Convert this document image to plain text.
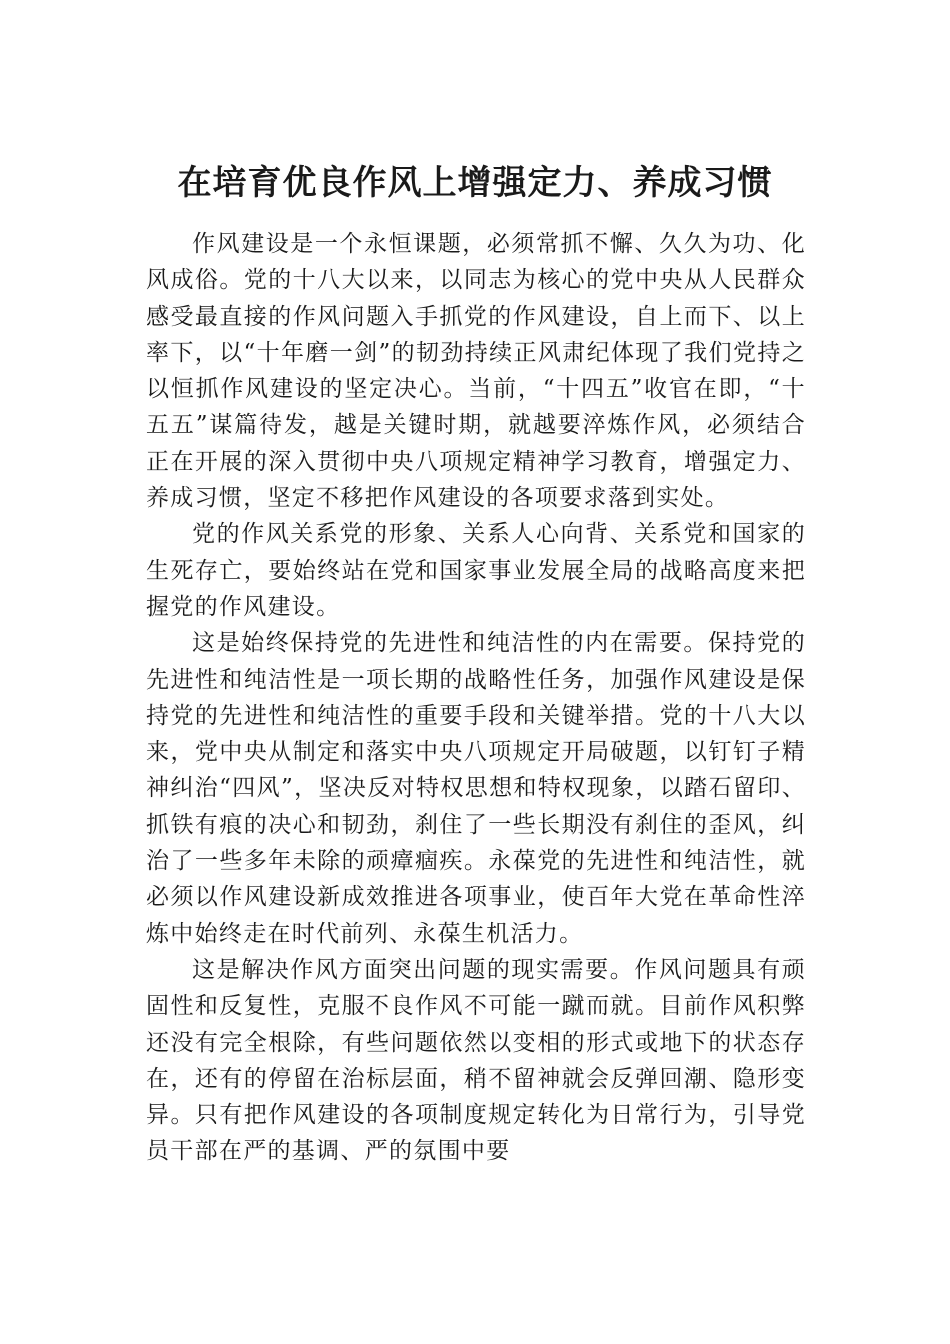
在培育优良作风上增强定力、养成习惯

作风建设是一个永恒课题，必须常抓不懈、久久为功、化风成俗。党的十八大以来，以同志为核心的党中央从人民群众感受最直接的作风问题入手抓党的作风建设，自上而下、以上率下，以“十年磨一剑”的韧劲持续正风肃纪体现了我们党持之以恒抓作风建设的坚定决心。当前，“十四五”收官在即，“十五五”谋篇待发，越是关键时期，就越要淬炼作风，必须结合正在开展的深入贯彻中央八项规定精神学习教育，增强定力、养成习惯，坚定不移把作风建设的各项要求落到实处。

党的作风关系党的形象、关系人心向背、关系党和国家的生死存亡，要始终站在党和国家事业发展全局的战略高度来把握党的作风建设。

这是始终保持党的先进性和纯洁性的内在需要。保持党的先进性和纯洁性是一项长期的战略性任务，加强作风建设是保持党的先进性和纯洁性的重要手段和关键举措。党的十八大以来，党中央从制定和落实中央八项规定开局破题，以钉钉子精神纠治“四风”，坚决反对特权思想和特权现象，以踏石留印、抓铁有痕的决心和韧劲，刹住了一些长期没有刹住的歪风，纠治了一些多年未除的顽瘴痼疾。永葆党的先进性和纯洁性，就必须以作风建设新成效推进各项事业，使百年大党在革命性淬炼中始终走在时代前列、永葆生机活力。

这是解决作风方面突出问题的现实需要。作风问题具有顽固性和反复性，克服不良作风不可能一蹴而就。目前作风积弊还没有完全根除，有些问题依然以变相的形式或地下的状态存在，还有的停留在治标层面，稍不留神就会反弹回潮、隐形变异。只有把作风建设的各项制度规定转化为日常行为，引导党员干部在严的基调、严的氛围中要
